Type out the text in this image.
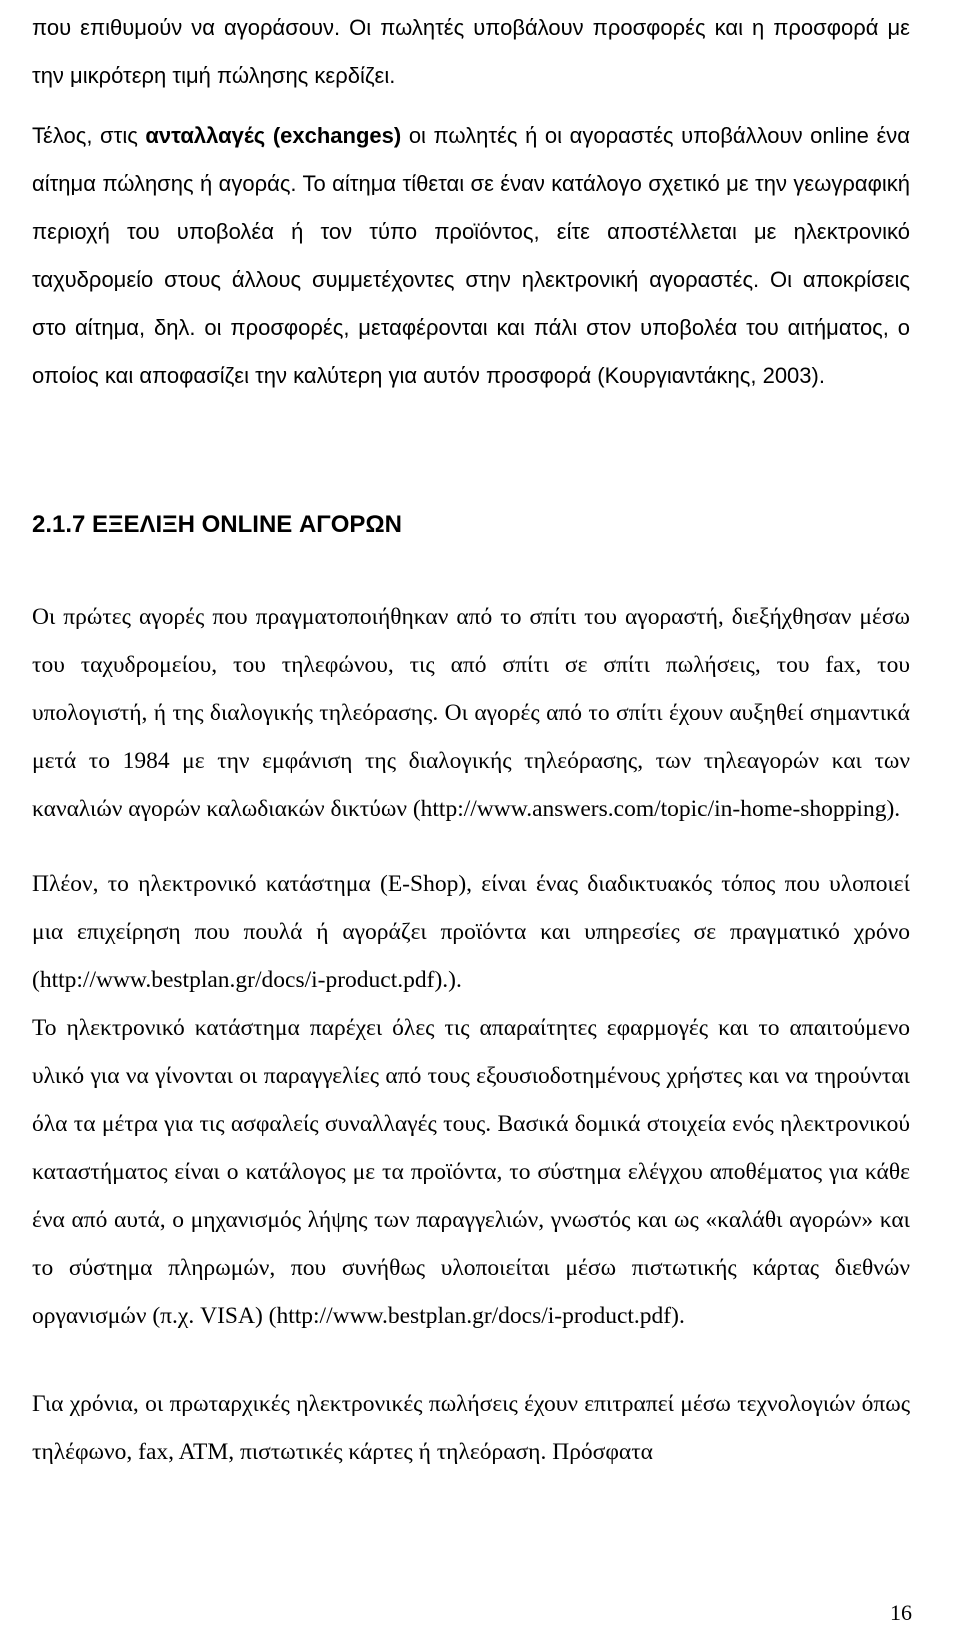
που επιθυμούν να αγοράσουν. Οι πωλητές υποβάλουν προσφορές και η προσφορά με την μικρότερη τιμή πώλησης κερδίζει.

Τέλος, στις ανταλλαγές (exchanges) οι πωλητές ή οι αγοραστές υποβάλλουν online ένα αίτημα πώλησης ή αγοράς. Το αίτημα τίθεται σε έναν κατάλογο σχετικό με την γεωγραφική περιοχή του υποβολέα ή τον τύπο προϊόντος, είτε αποστέλλεται με ηλεκτρονικό ταχυδρομείο στους άλλους συμμετέχοντες στην ηλεκτρονική αγοραστές. Οι αποκρίσεις στο αίτημα, δηλ. οι προσφορές, μεταφέρονται και πάλι στον υποβολέα του αιτήματος, ο οποίος και αποφασίζει την καλύτερη για αυτόν προσφορά (Κουργιαντάκης, 2003).

2.1.7 ΕΞΕΛΙΞΗ ONLINE ΑΓΟΡΩΝ

Οι πρώτες αγορές που πραγματοποιήθηκαν από το σπίτι του αγοραστή, διεξήχθησαν μέσω του ταχυδρομείου, του τηλεφώνου, τις από σπίτι σε σπίτι πωλήσεις, του fax, του υπολογιστή, ή της διαλογικής τηλεόρασης. Οι αγορές από το σπίτι έχουν αυξηθεί σημαντικά μετά το 1984 με την εμφάνιση της διαλογικής τηλεόρασης, των τηλεαγορών και των καναλιών αγορών καλωδιακών δικτύων (http://www.answers.com/topic/in-home-shopping).

Πλέον, το ηλεκτρονικό κατάστημα (E-Shop), είναι ένας διαδικτυακός τόπος που υλοποιεί μια επιχείρηση που πουλά ή αγοράζει προϊόντα και υπηρεσίες σε πραγματικό χρόνο (http://www.bestplan.gr/docs/i-product.pdf).).

Το ηλεκτρονικό κατάστημα παρέχει όλες τις απαραίτητες εφαρμογές και το απαιτούμενο υλικό για να γίνονται οι παραγγελίες από τους εξουσιοδοτημένους χρήστες και να τηρούνται όλα τα μέτρα για τις ασφαλείς συναλλαγές τους. Βασικά δομικά στοιχεία ενός ηλεκτρονικού καταστήματος είναι ο κατάλογος με τα προϊόντα, το σύστημα ελέγχου αποθέματος για κάθε ένα από αυτά, ο μηχανισμός λήψης των παραγγελιών, γνωστός και ως «καλάθι αγορών» και το σύστημα πληρωμών, που συνήθως υλοποιείται μέσω πιστωτικής κάρτας διεθνών οργανισμών (π.χ. VISA) (http://www.bestplan.gr/docs/i-product.pdf).

Για χρόνια, οι πρωταρχικές ηλεκτρονικές πωλήσεις έχουν επιτραπεί μέσω τεχνολογιών όπως τηλέφωνο, fax, ATM, πιστωτικές κάρτες ή τηλεόραση. Πρόσφατα

16
